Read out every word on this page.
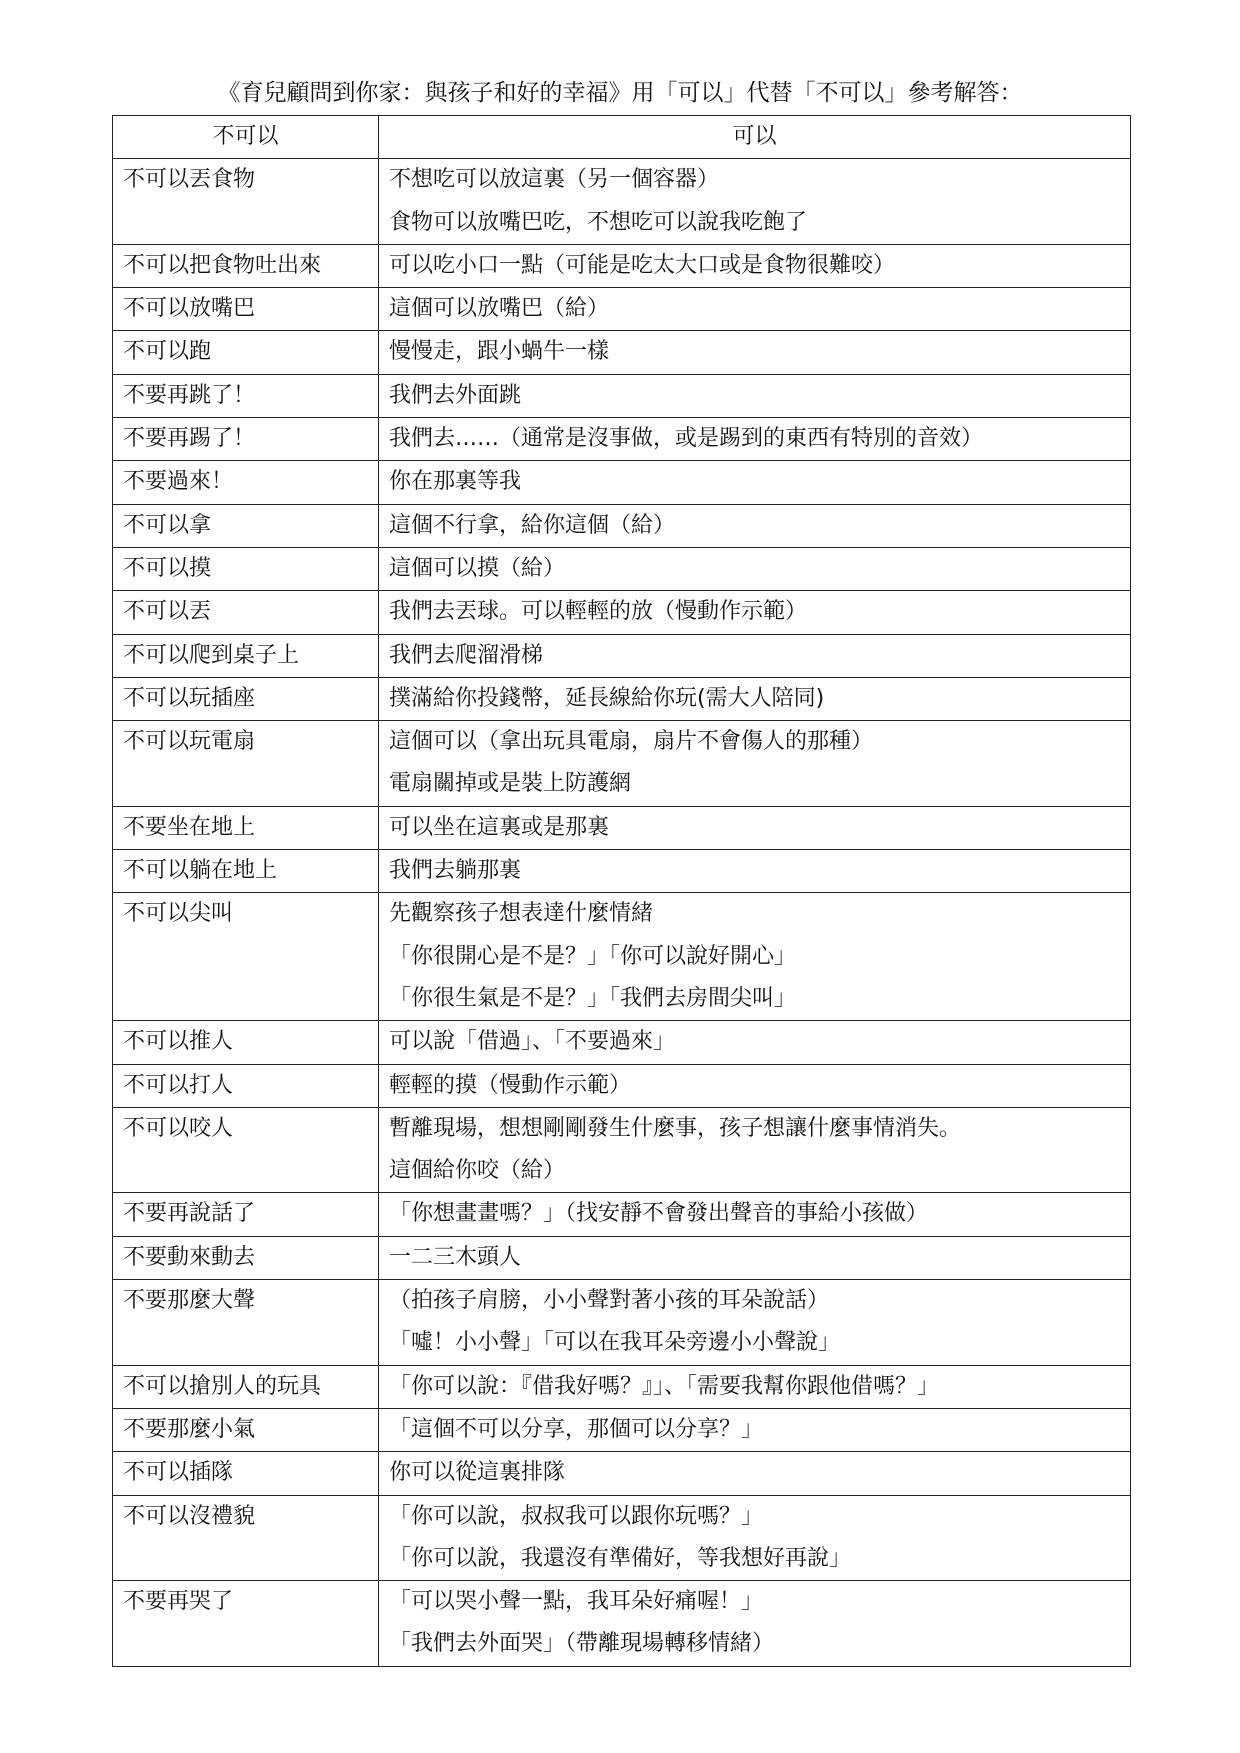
《育兒顧問到你家：與孩子和好的幸福》用「可以」代替「不可以」參考解答：
不可以	可以

不可以丟食物	不想吃可以放這裏（另一個容器）
食物可以放嘴巴吃，不想吃可以說我吃飽了

不可以把食物吐出來	可以吃小口一點（可能是吃太大口或是食物很難咬）

不可以放嘴巴	這個可以放嘴巴（給）

不可以跑	慢慢走，跟小蝸牛一樣

不要再跳了！	我們去外面跳

不要再踢了！	我們去……（通常是沒事做，或是踢到的東西有特別的音效）

不要過來！	你在那裏等我

不可以拿	這個不行拿，給你這個（給）

不可以摸	這個可以摸（給）

不可以丟	我們去丟球。可以輕輕的放（慢動作示範）

不可以爬到桌子上	我們去爬溜滑梯

不可以玩插座	撲滿給你投錢幣，延長線給你玩(需大人陪同)

不可以玩電扇	這個可以（拿出玩具電扇，扇片不會傷人的那種）
電扇關掉或是裝上防護網

不要坐在地上	可以坐在這裏或是那裏

不可以躺在地上	我們去躺那裏

不可以尖叫	先觀察孩子想表達什麼情緒
「你很開心是不是？」「你可以說好開心」
「你很生氣是不是？」「我們去房間尖叫」

不可以推人	可以說「借過」、「不要過來」

不可以打人	輕輕的摸（慢動作示範）

不可以咬人	暫離現場，想想剛剛發生什麼事，孩子想讓什麼事情消失。
這個給你咬（給）

不要再說話了	「你想畫畫嗎？」（找安靜不會發出聲音的事給小孩做）

不要動來動去	一二三木頭人

不要那麼大聲	（拍孩子肩膀，小小聲對著小孩的耳朵說話）
「噓！小小聲」「可以在我耳朵旁邊小小聲說」

不可以搶別人的玩具	「你可以說：『借我好嗎？』」、「需要我幫你跟他借嗎？」

不要那麼小氣	「這個不可以分享，那個可以分享？」

不可以插隊	你可以從這裏排隊

不可以沒禮貌	「你可以說，叔叔我可以跟你玩嗎？」
「你可以說，我還沒有準備好，等我想好再說」

不要再哭了	「可以哭小聲一點，我耳朵好痛喔！」
「我們去外面哭」（帶離現場轉移情緒）
